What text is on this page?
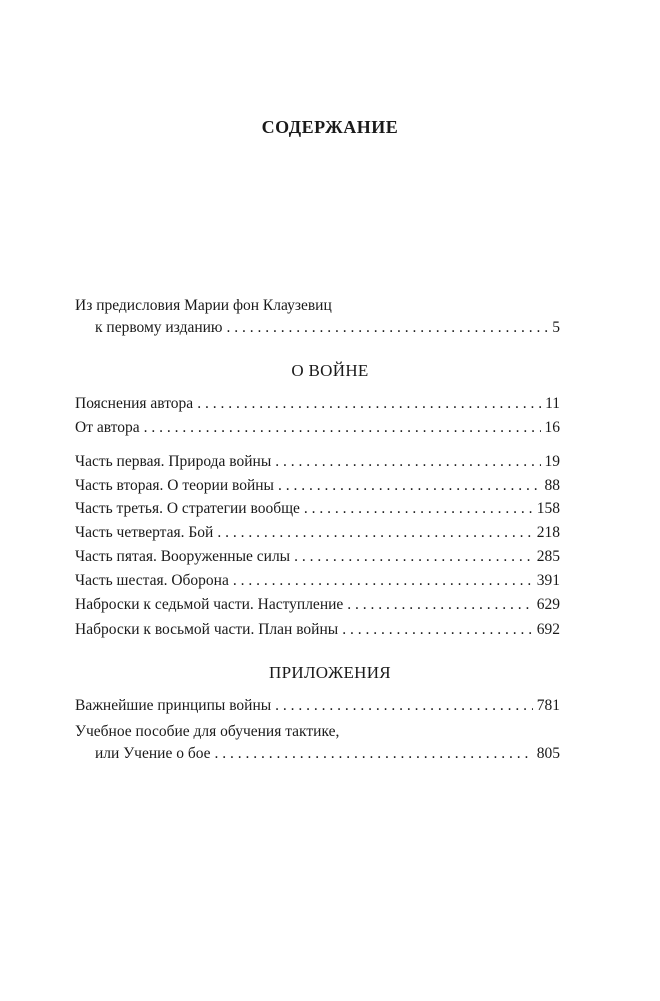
СОДЕРЖАНИЕ
Из предисловия Марии фон Клаузевиц
к первому изданию . . .	5
О ВОЙНЕ
Пояснения автора . . .	11
От автора . . .	16
Часть первая. Природа войны . . .	19
Часть вторая. О теории войны . . .	88
Часть третья. О стратегии вообще . . .	158
Часть четвертая. Бой . . .	218
Часть пятая. Вооруженные силы . . .	285
Часть шестая. Оборона . . .	391
Наброски к седьмой части. Наступление . . .	629
Наброски к восьмой части. План войны . . .	692
ПРИЛОЖЕНИЯ
Важнейшие принципы войны . . .	781
Учебное пособие для обучения тактике,
или Учение о бое . . .	805
